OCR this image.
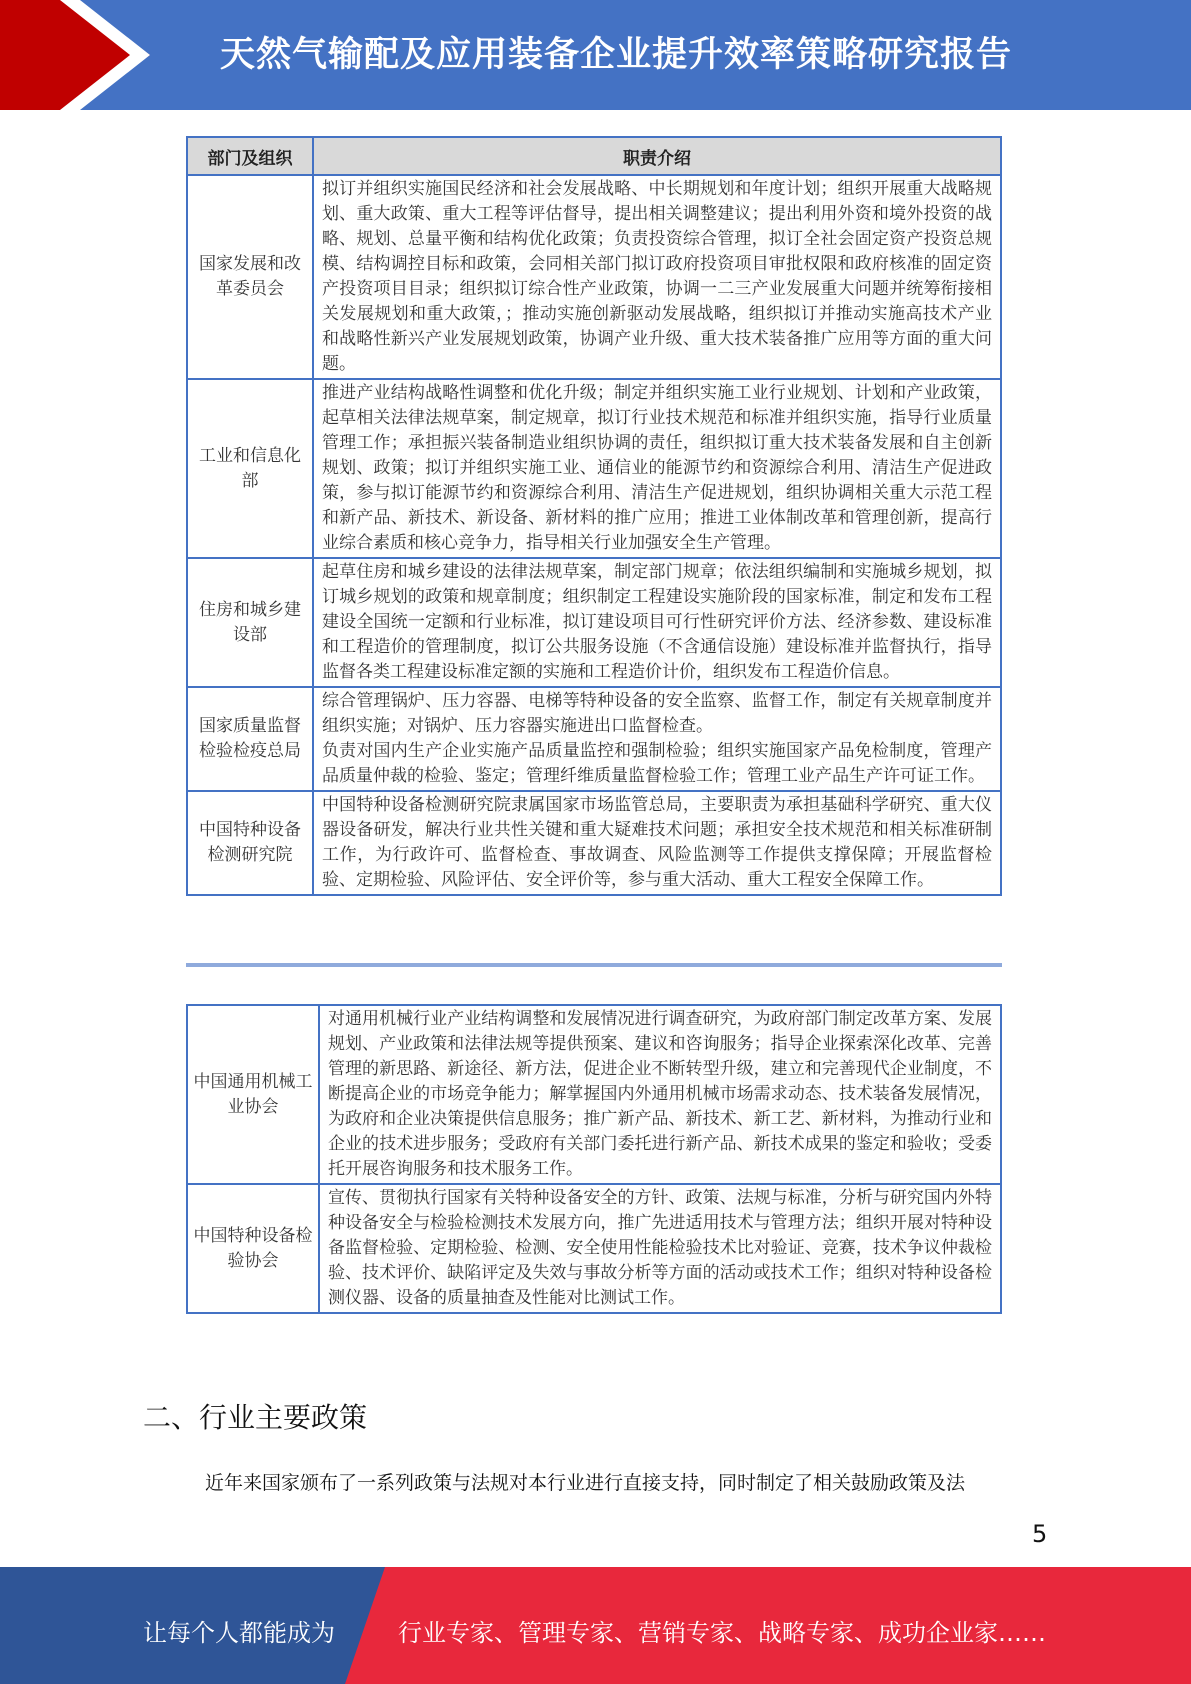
天然气输配及应用装备企业提升效率策略研究报告
部门及组织	职责介绍
国家发展和改革委员会	拟订并组织实施国民经济和社会发展战略、中长期规划和年度计划；组织开展重大战略规划、重大政策、重大工程等评估督导，提出相关调整建议；提出利用外资和境外投资的战略、规划、总量平衡和结构优化政策；负责投资综合管理，拟订全社会固定资产投资总规模、结构调控目标和政策，会同相关部门拟订政府投资项目审批权限和政府核准的固定资产投资项目目录；组织拟订综合性产业政策，协调一二三产业发展重大问题并统筹衔接相关发展规划和重大政策，；推动实施创新驱动发展战略，组织拟订并推动实施高技术产业和战略性新兴产业发展规划政策，协调产业升级、重大技术装备推广应用等方面的重大问题。

工业和信息化部	推进产业结构战略性调整和优化升级；制定并组织实施工业行业规划、计划和产业政策，起草相关法律法规草案，制定规章，拟订行业技术规范和标准并组织实施，指导行业质量管理工作；承担振兴装备制造业组织协调的责任，组织拟订重大技术装备发展和自主创新规划、政策；拟订并组织实施工业、通信业的能源节约和资源综合利用、清洁生产促进政策，参与拟订能源节约和资源综合利用、清洁生产促进规划，组织协调相关重大示范工程和新产品、新技术、新设备、新材料的推广应用；推进工业体制改革和管理创新，提高行业综合素质和核心竞争力，指导相关行业加强安全生产管理。

住房和城乡建设部	起草住房和城乡建设的法律法规草案，制定部门规章；依法组织编制和实施城乡规划，拟订城乡规划的政策和规章制度；组织制定工程建设实施阶段的国家标准，制定和发布工程建设全国统一定额和行业标准，拟订建设项目可行性研究评价方法、经济参数、建设标准和工程造价的管理制度，拟订公共服务设施（不含通信设施）建设标准并监督执行，指导监督各类工程建设标准定额的实施和工程造价计价，组织发布工程造价信息。

国家质量监督检验检疫总局	综合管理锅炉、压力容器、电梯等特种设备的安全监察、监督工作，制定有关规章制度并组织实施；对锅炉、压力容器实施进出口监督检查。

负责对国内生产企业实施产品质量监控和强制检验；组织实施国家产品免检制度，管理产品质量仲裁的检验、鉴定；管理纤维质量监督检验工作；管理工业产品生产许可证工作。

中国特种设备检测研究院	中国特种设备检测研究院隶属国家市场监管总局，主要职责为承担基础科学研究、重大仪器设备研发，解决行业共性关键和重大疑难技术问题；承担安全技术规范和相关标准研制工作，为行政许可、监督检查、事故调查、风险监测等工作提供支撑保障；开展监督检验、定期检验、风险评估、安全评价等，参与重大活动、重大工程安全保障工作。

中国通用机械工业协会	对通用机械行业产业结构调整和发展情况进行调查研究，为政府部门制定改革方案、发展规划、产业政策和法律法规等提供预案、建议和咨询服务；指导企业探索深化改革、完善管理的新思路、新途径、新方法，促进企业不断转型升级，建立和完善现代企业制度，不断提高企业的市场竞争能力；解掌握国内外通用机械市场需求动态、技术装备发展情况，为政府和企业决策提供信息服务；推广新产品、新技术、新工艺、新材料，为推动行业和企业的技术进步服务；受政府有关部门委托进行新产品、新技术成果的鉴定和验收；受委托开展咨询服务和技术服务工作。

中国特种设备检验协会	宣传、贯彻执行国家有关特种设备安全的方针、政策、法规与标准，分析与研究国内外特种设备安全与检验检测技术发展方向，推广先进适用技术与管理方法；组织开展对特种设备监督检验、定期检验、检测、安全使用性能检验技术比对验证、竞赛，技术争议仲裁检验、技术评价、缺陷评定及失效与事故分析等方面的活动或技术工作；组织对特种设备检测仪器、设备的质量抽查及性能对比测试工作。

二、行业主要政策
近年来国家颁布了一系列政策与法规对本行业进行直接支持，同时制定了相关鼓励政策及法
5
让每个人都能成为	行业专家、管理专家、营销专家、战略专家、成功企业家……
